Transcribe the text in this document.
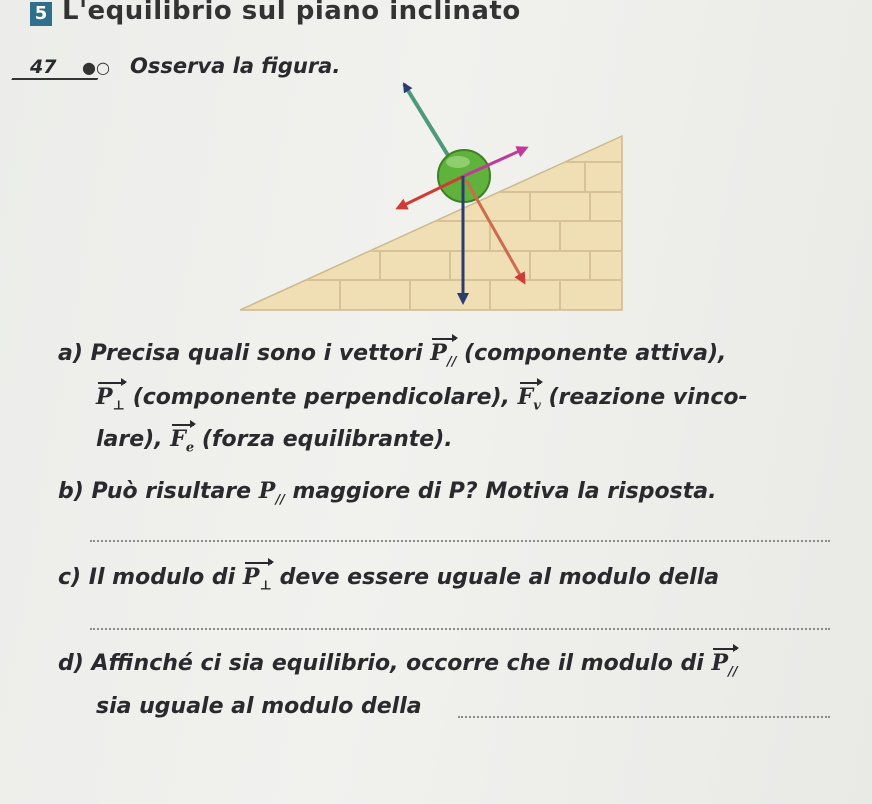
5 L'equilibrio sul piano inclinato
47 ●○ Osserva la figura.
a) Precisa quali sono i vettori $P_{//}$ (componente attiva),
$P_\perp$ (componente perpendicolare), $F_v$ (reazione vinco-
lare), $F_e$ (forza equilibrante).
b) Può risultare $P_{//}$ maggiore di P? Motiva la risposta.
c) Il modulo di $P_\perp$ deve essere uguale al modulo della
d) Affinché ci sia equilibrio, occorre che il modulo di $P_{//}$
sia uguale al modulo della
